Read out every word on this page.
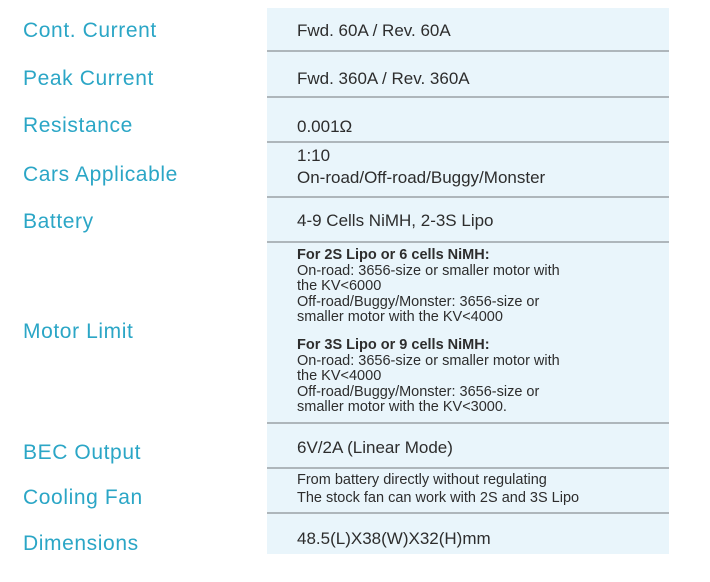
Cont. Current
Peak Current
Resistance
Cars Applicable
Battery
Motor Limit
BEC Output
Cooling Fan
Dimensions
Fwd. 60A / Rev. 60A
Fwd. 360A / Rev. 360A
0.001Ω
1:10
On-road/Off-road/Buggy/Monster
4-9 Cells NiMH, 2-3S Lipo
For 2S Lipo or 6 cells NiMH:
On-road: 3656-size or smaller motor with
the KV<6000
Off-road/Buggy/Monster: 3656-size or
smaller motor with the KV<4000
For 3S Lipo or 9 cells NiMH:
On-road: 3656-size or smaller motor with
the KV<4000
Off-road/Buggy/Monster: 3656-size or
smaller motor with the KV<3000.
6V/2A (Linear Mode)
From battery directly without regulating
The stock fan can work with 2S and 3S Lipo
48.5(L)X38(W)X32(H)mm
